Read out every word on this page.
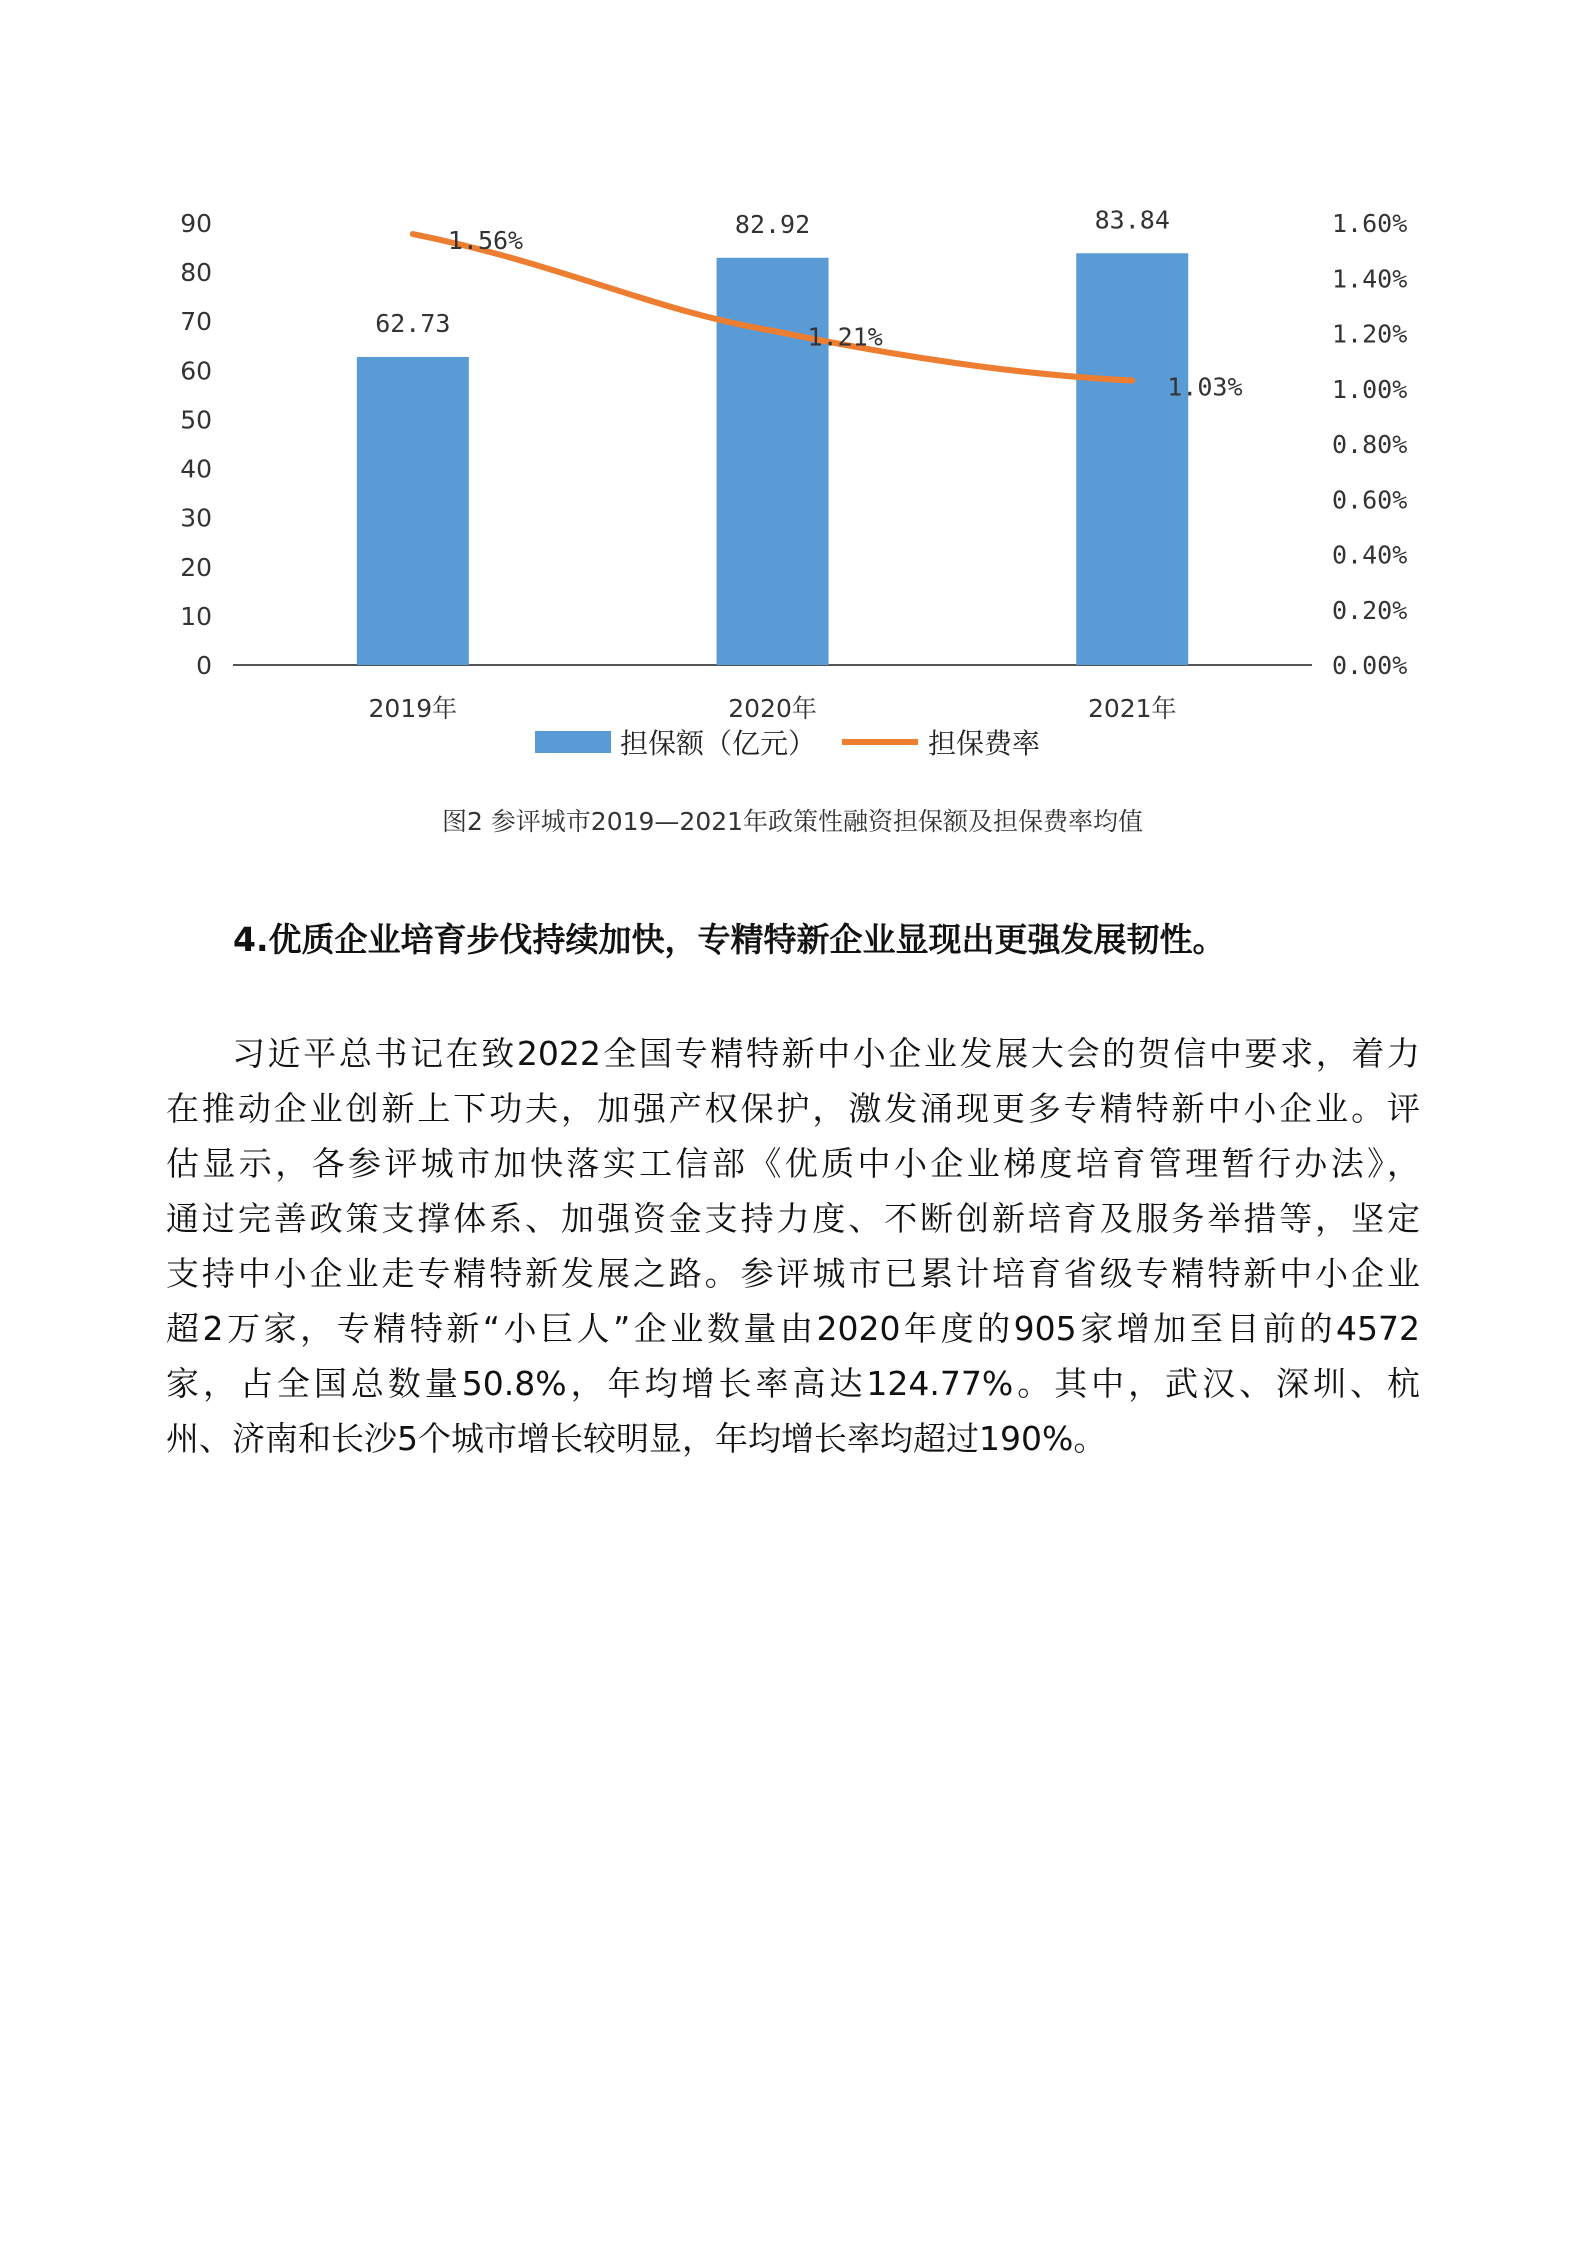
0
10
20
30
40
50
60
70
80
90
0.00%
0.20%
0.40%
0.60%
0.80%
1.00%
1.20%
1.40%
1.60%
62.73
2019年
82.92
2020年
83.84
2021年
1.56%
1.21%
1.03%
担保额（亿元）	担保费率
图2 参评城市2019—2021年政策性融资担保额及担保费率均值
4.优质企业培育步伐持续加快，专精特新企业显现出更强发展韧性。
习近平总书记在致2022全国专精特新中小企业发展大会的贺信中要求，着力
在推动企业创新上下功夫，加强产权保护，激发涌现更多专精特新中小企业。评
估显示，各参评城市加快落实工信部《优质中小企业梯度培育管理暂行办法》，
通过完善政策支撑体系、加强资金支持力度、不断创新培育及服务举措等，坚定
支持中小企业走专精特新发展之路。参评城市已累计培育省级专精特新中小企业
超2万家，专精特新“小巨人”企业数量由2020年度的905家增加至目前的4572
家，占全国总数量50.8%，年均增长率高达124.77%。其中，武汉、深圳、杭
州、济南和长沙5个城市增长较明显，年均增长率均超过190%。
